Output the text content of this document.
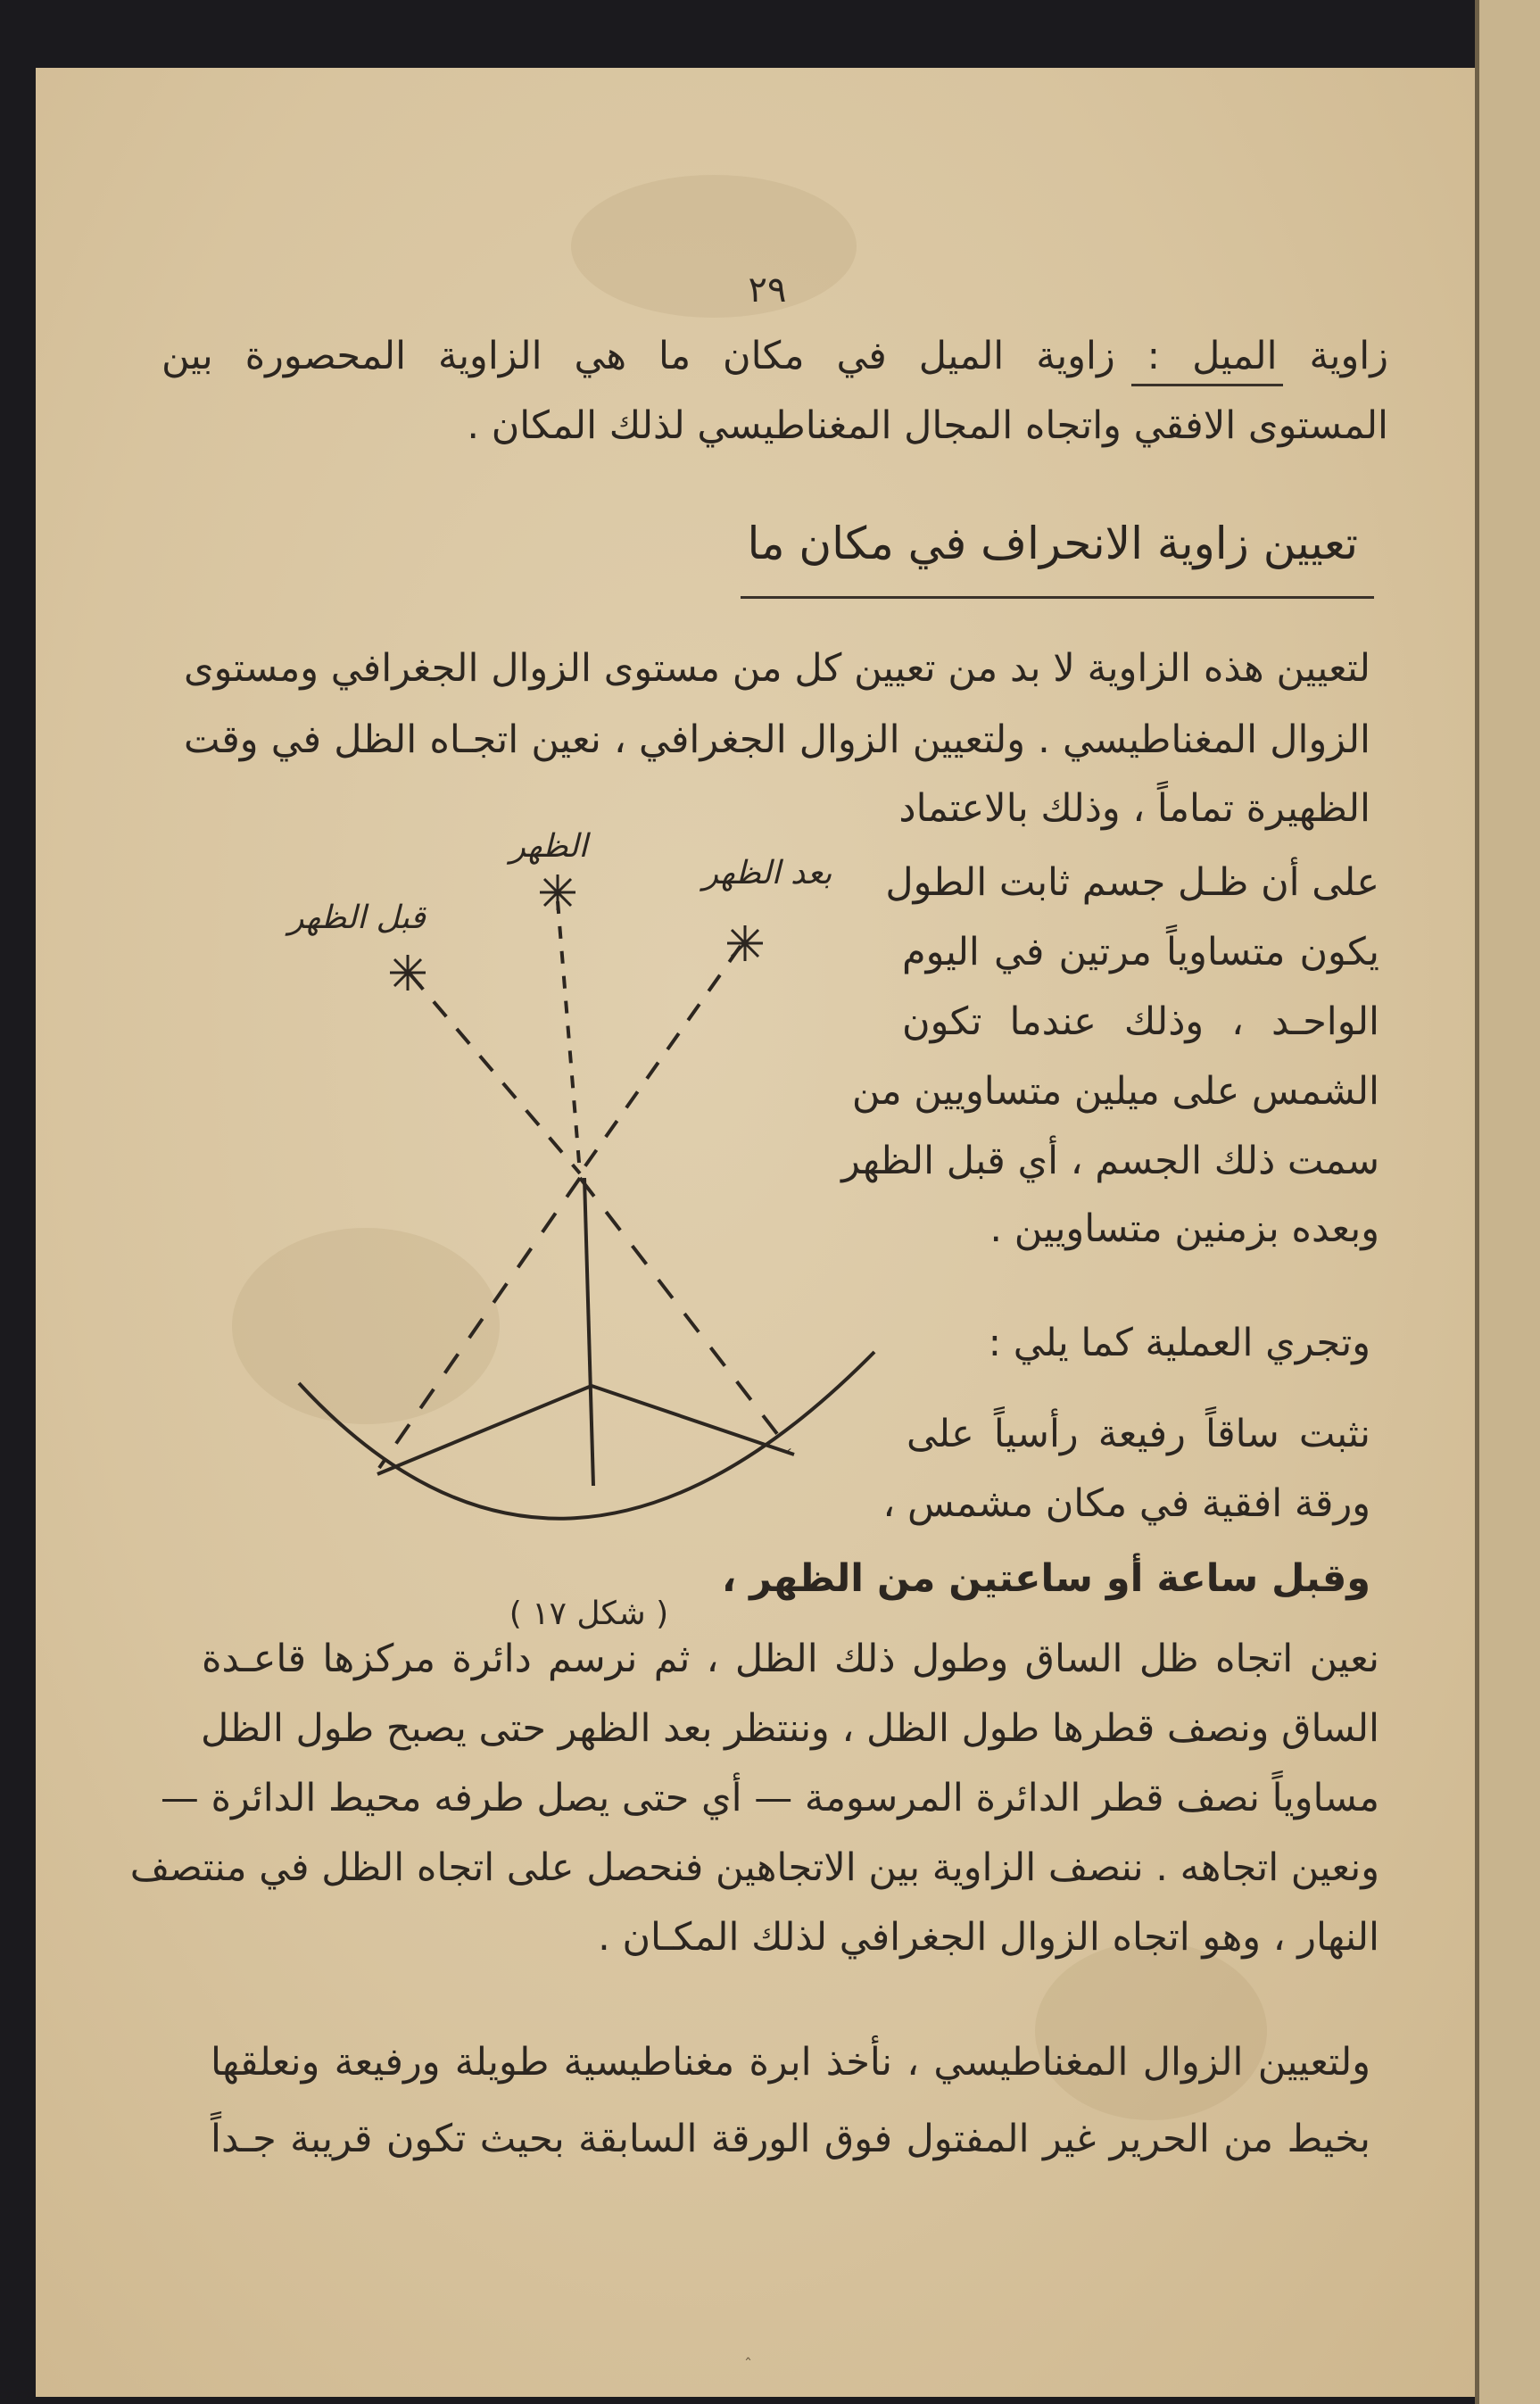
٢٩
زاوية الميل : زاوية الميل في مكان ما هي الزاوية المحصورة بين
المستوى الافقي واتجاه المجال المغناطيسي لذلك المكان .
تعيين زاوية الانحراف في مكان ما
لتعيين هذه الزاوية لا بد من تعيين كل من مستوى الزوال الجغرافي ومستوى
الزوال المغناطيسي . ولتعيين الزوال الجغرافي ، نعين اتجـاه الظل في وقت
الظهيرة تماماً ، وذلك بالاعتماد
على أن ظـل جسم ثابت الطول
يكون متساوياً مرتين في اليوم
الواحـد ، وذلك عندما تكون
الشمس على ميلين متساويين من
سمت ذلك الجسم ، أي قبل الظهر
وبعده بزمنين متساويين .
وتجري العملية كما يلي :
نثبت ساقاً رفيعة رأسياً على
ورقة افقية في مكان مشمس ،
وقبل ساعة أو ساعتين من الظهر ،
قبل الظهر
الظهر
بعد الظهر
( شكل ١٧ )
نعين اتجاه ظل الساق وطول ذلك الظل ، ثم نرسم دائرة مركزها قاعـدة
الساق ونصف قطرها طول الظل ، وننتظر بعد الظهر حتى يصبح طول الظل
مساوياً نصف قطر الدائرة المرسومة — أي حتى يصل طرفه محيط الدائرة —
ونعين اتجاهه . ننصف الزاوية بين الاتجاهين فنحصل على اتجاه الظل في منتصف
النهار ، وهو اتجاه الزوال الجغرافي لذلك المكـان .
ولتعيين الزوال المغناطيسي ، نأخذ ابرة مغناطيسية طويلة ورفيعة ونعلقها
بخيط من الحرير غير المفتول فوق الورقة السابقة بحيث تكون قريبة جـداً
ˆ
